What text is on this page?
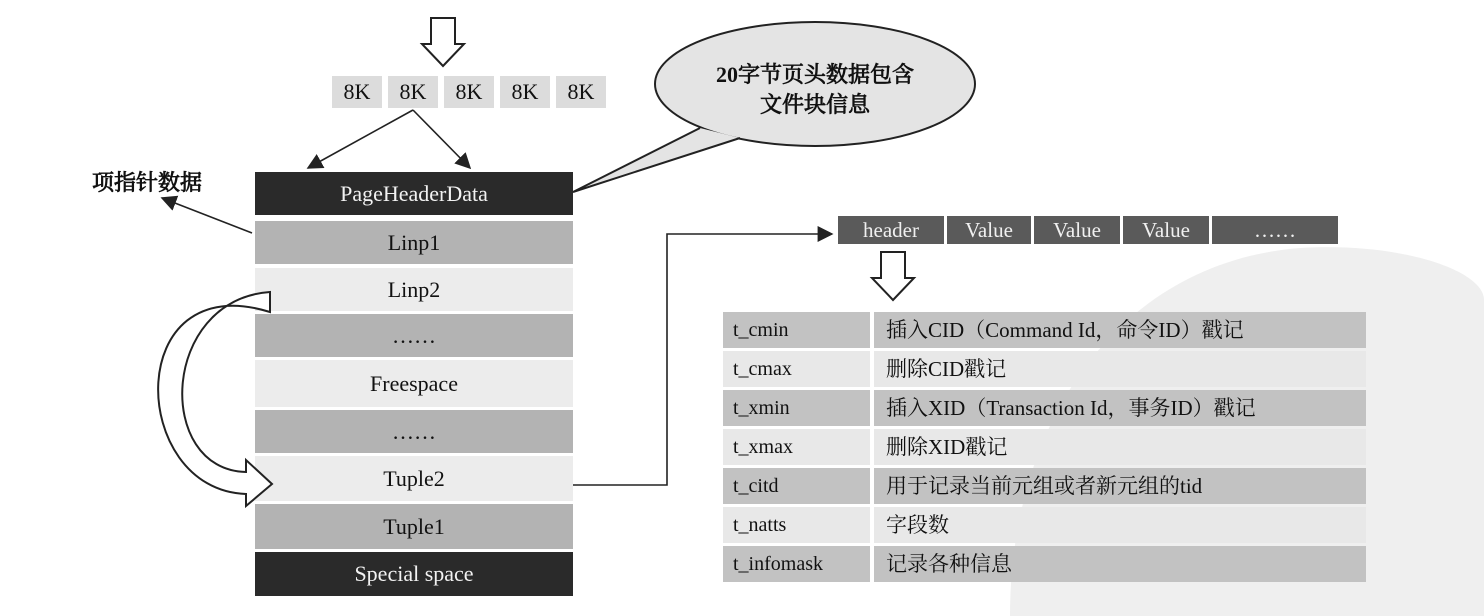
8K	8K	8K	8K	8K
20字节页头数据包含
文件块信息
项指针数据	PageHeaderData
Linp1
Linp2
……
Freespace
……
Tuple2
Tuple1
Special space
header	Value	Value	Value	……
t_cmin	插入CID（Command Id，命令ID）戳记
t_cmax	删除CID戳记
t_xmin	插入XID（Transaction Id，事务ID）戳记
t_xmax	删除XID戳记
t_citd	用于记录当前元组或者新元组的tid
t_natts	字段数
t_infomask	记录各种信息
